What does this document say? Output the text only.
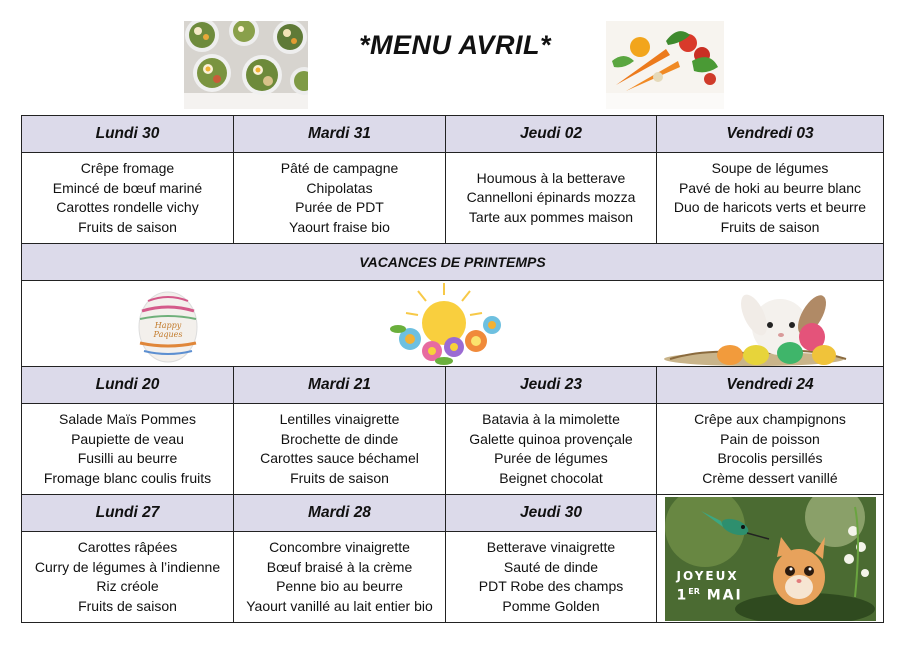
*MENU AVRIL*
Lundi 30	Mardi 31	Jeudi 02	Vendredi 03

Crêpe fromage
Emincé de bœuf mariné
Carottes rondelle vichy
Fruits de saison	Pâté de campagne
Chipolatas
Purée de PDT
Yaourt fraise bio	Houmous à la betterave
Cannelloni épinards mozza
Tarte aux pommes maison	Soupe de légumes
Pavé de hoki au beurre blanc
Duo de haricots verts et beurre
Fruits de saison

VACANCES DE PRINTEMPS			

Happy Paques			

Lundi 20	Mardi 21	Jeudi 23	Vendredi 24

Salade Maïs Pommes
Paupiette de veau
Fusilli au beurre
Fromage blanc coulis fruits	Lentilles vinaigrette
Brochette de dinde
Carottes sauce béchamel
Fruits de saison	Batavia à la mimolette
Galette quinoa provençale
Purée de légumes
Beignet chocolat	Crêpe aux champignons
Pain de poisson
Brocolis persillés
Crème dessert vanillé

Lundi 27	Mardi 28	Jeudi 30	JOYEUX
1ER MAI

Carottes râpées
Curry de légumes à l’indienne
Riz créole
Fruits de saison	Concombre vinaigrette
Bœuf braisé à la crème
Penne bio au beurre
Yaourt vanillé au lait entier bio	Betterave vinaigrette
Sauté de dinde
PDT Robe des champs
Pomme Golden	
